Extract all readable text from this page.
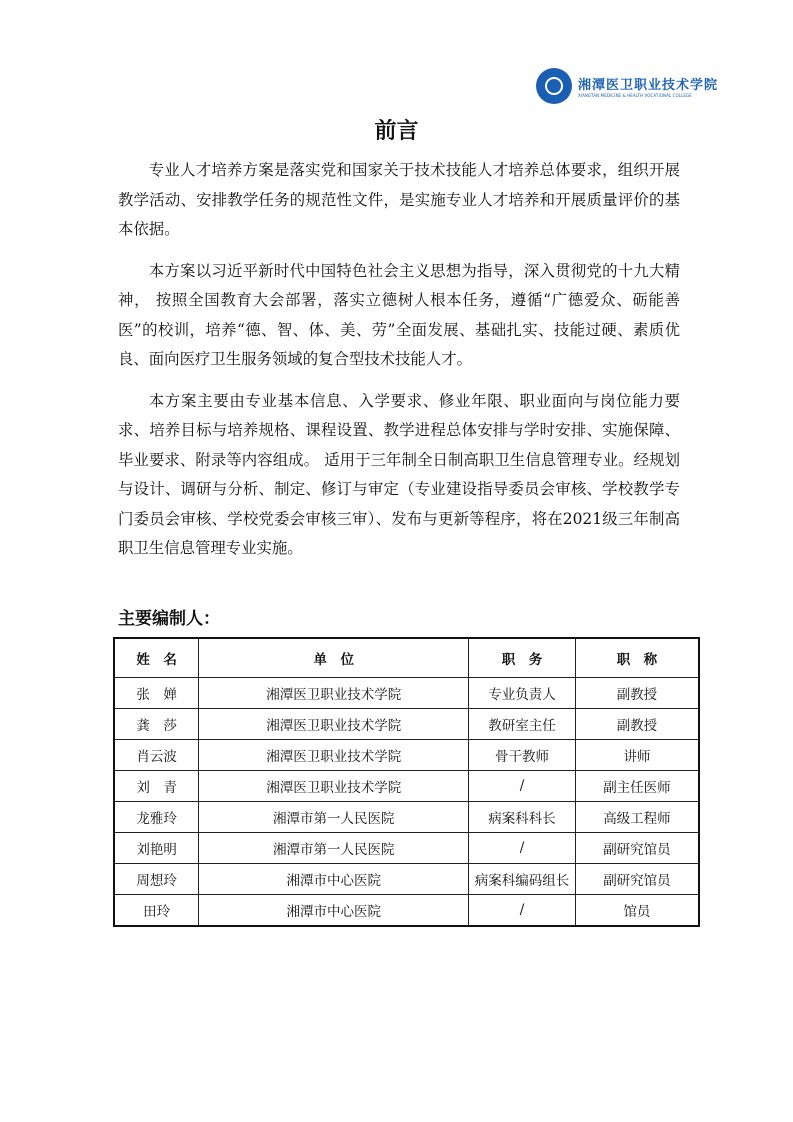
湘潭医卫职业技术学院
XIANGTAN MEDICINE & HEALTH VOCATIONAL COLLEGE
前言

专业人才培养方案是落实党和国家关于技术技能人才培养总体要求，组织开展教学活动、安排教学任务的规范性文件，是实施专业人才培养和开展质量评价的基本依据。

本方案以习近平新时代中国特色社会主义思想为指导，深入贯彻党的十九大精神， 按照全国教育大会部署，落实立德树人根本任务，遵循“广德爱众、砺能善医”的校训，培养“德、智、体、美、劳”全面发展、基础扎实、技能过硬、素质优良、面向医疗卫生服务领域的复合型技术技能人才。

本方案主要由专业基本信息、入学要求、修业年限、职业面向与岗位能力要求、培养目标与培养规格、课程设置、教学进程总体安排与学时安排、实施保障、毕业要求、附录等内容组成。 适用于三年制全日制高职卫生信息管理专业。经规划与设计、调研与分析、制定、修订与审定（专业建设指导委员会审核、学校教学专门委员会审核、学校党委会审核三审）、发布与更新等程序，将在2021级三年制高职卫生信息管理专业实施。

主要编制人：
姓　名	单　位	职　务	职　称
张　婵	湘潭医卫职业技术学院	专业负责人	副教授
龚　莎	湘潭医卫职业技术学院	教研室主任	副教授
肖云波	湘潭医卫职业技术学院	骨干教师	讲师
刘　青	湘潭医卫职业技术学院	/	副主任医师
龙雅玲	湘潭市第一人民医院	病案科科长	高级工程师
刘艳明	湘潭市第一人民医院	/	副研究馆员
周想玲	湘潭市中心医院	病案科编码组长	副研究馆员
田玲	湘潭市中心医院	/	馆员
